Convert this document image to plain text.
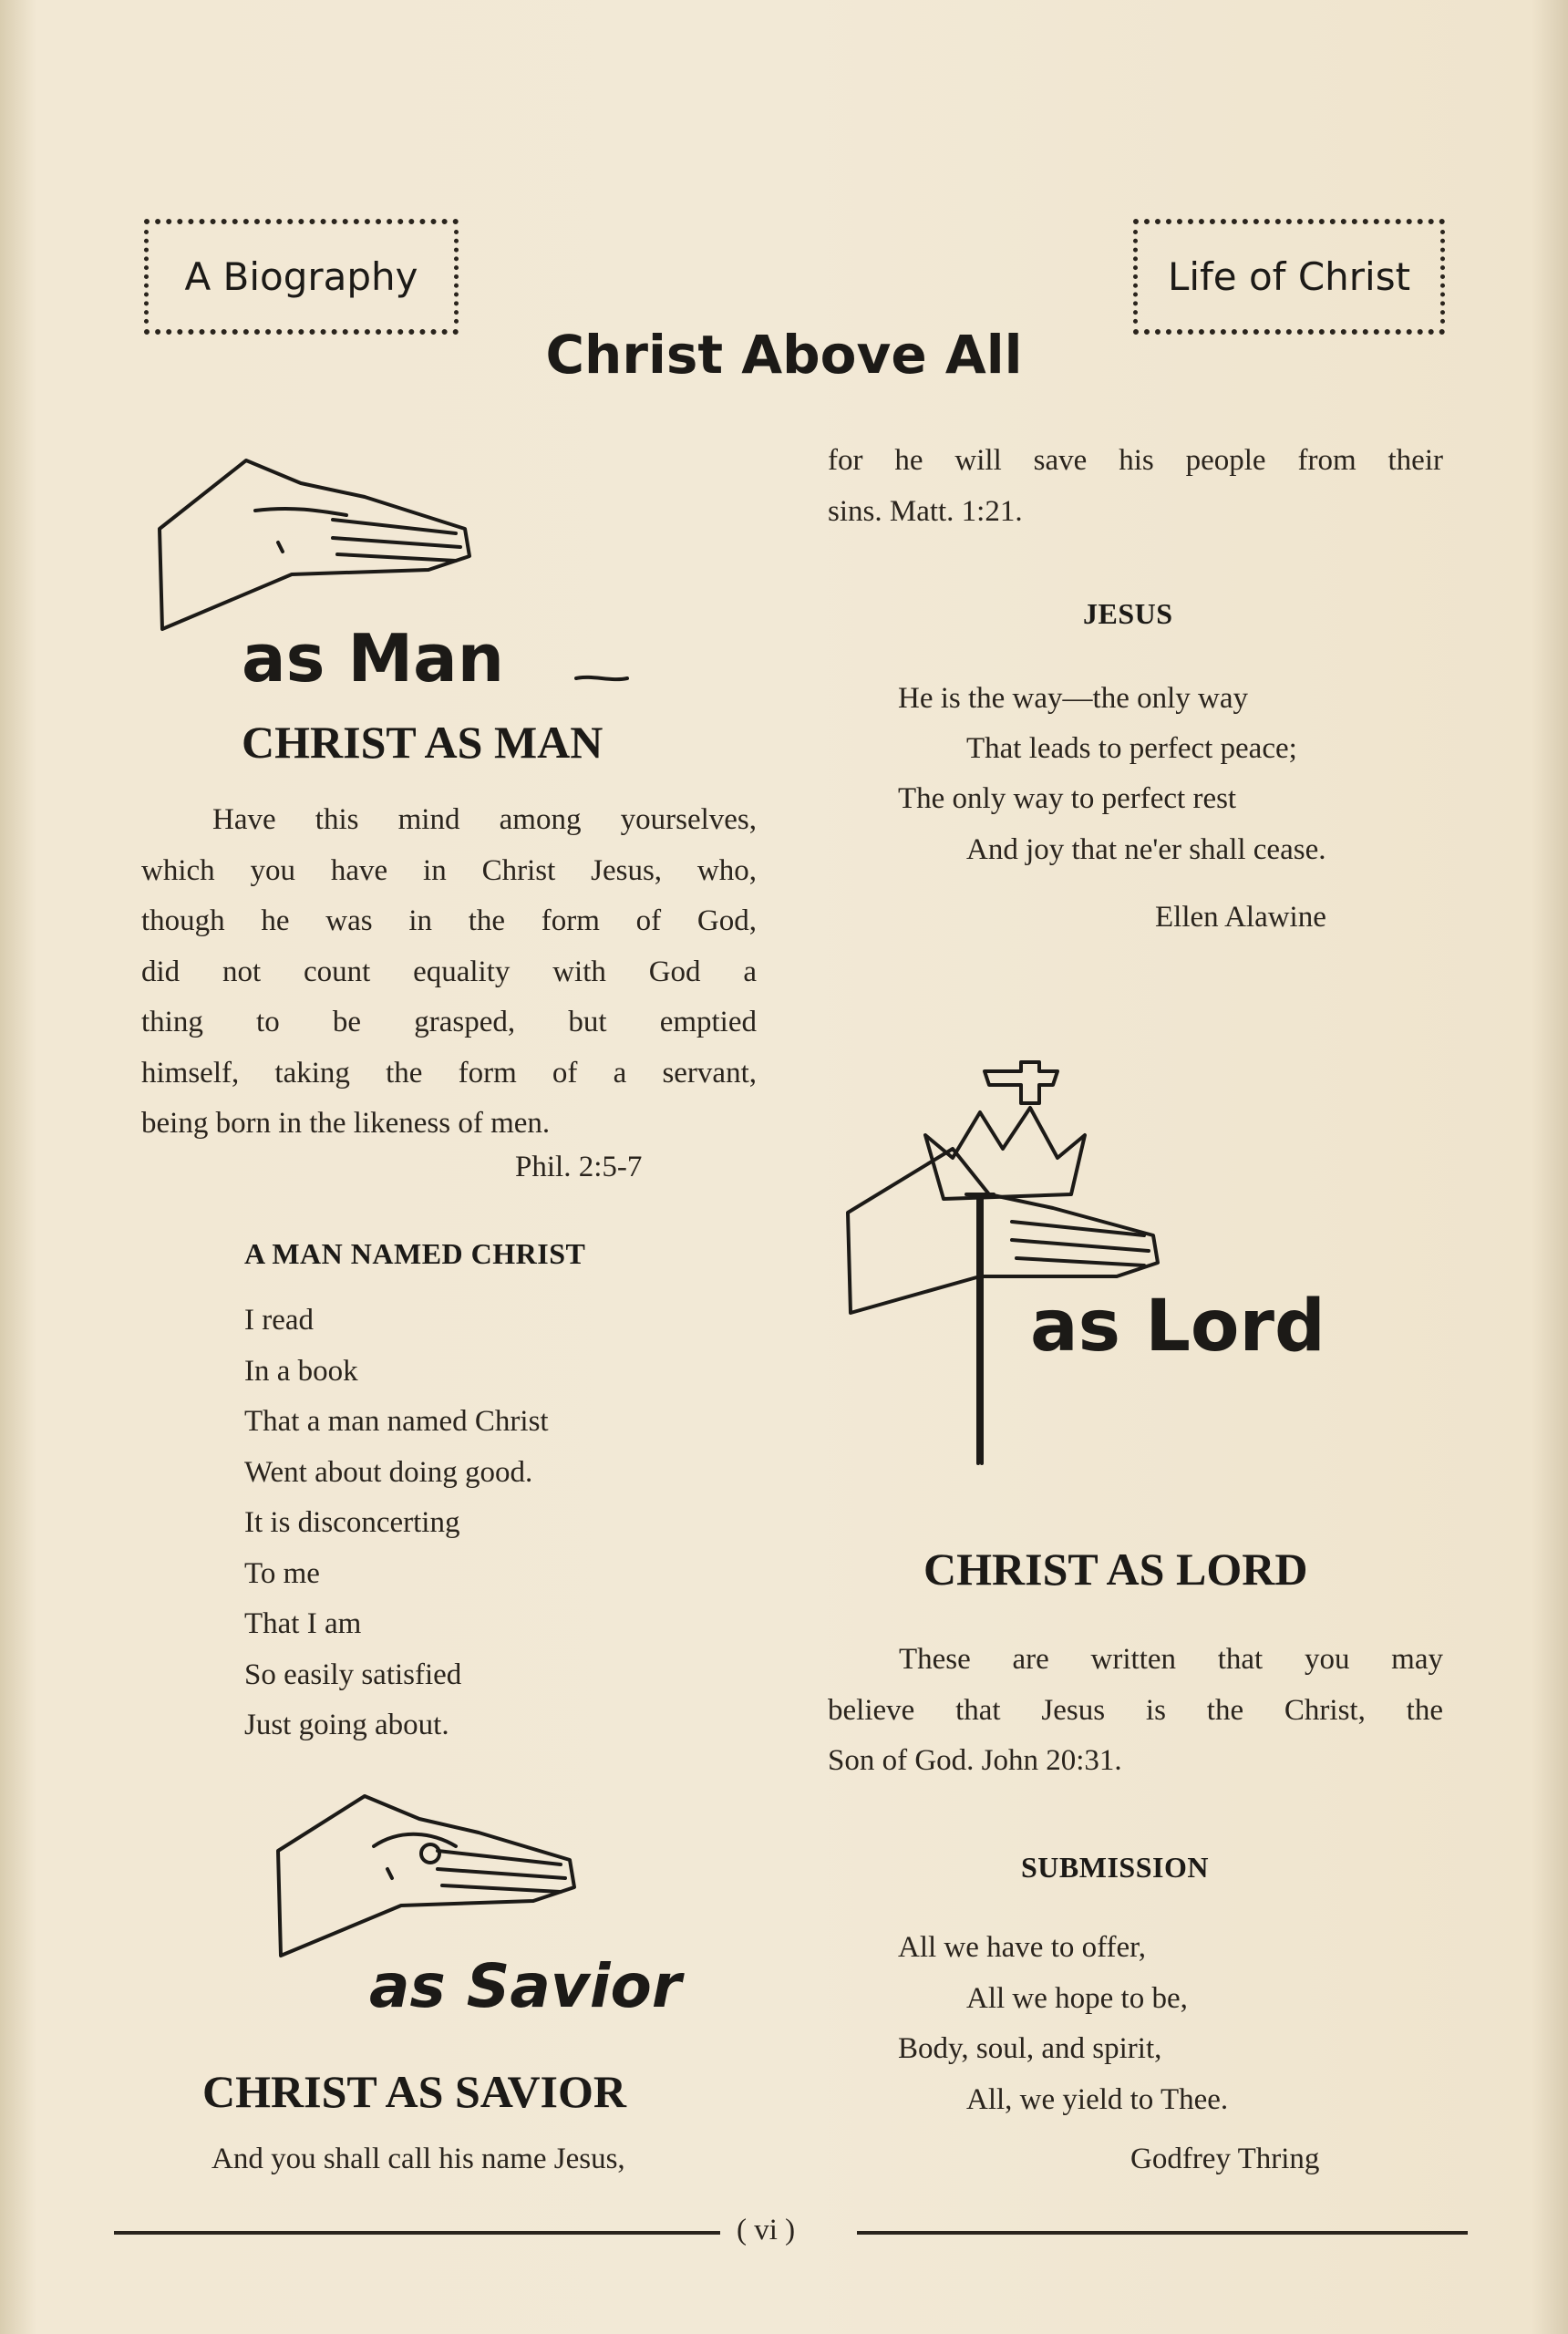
A Biography	Life of Christ
Christ Above All
as Man
CHRIST AS MAN
Have this mind among yourselves,
which you have in Christ Jesus, who,
though he was in the form of God,
did not count equality with God a
thing to be grasped, but emptied
himself, taking the form of a servant,
being born in the likeness of men.
Phil. 2:5-7
A MAN NAMED CHRIST
I read
In a book
That a man named Christ
Went about doing good.
It is disconcerting
To me
That I am
So easily satisfied
Just going about.
as Savior
CHRIST AS SAVIOR
And you shall call his name Jesus,
for he will save his people from their
sins. Matt. 1:21.
JESUS
He is the way—the only way
That leads to perfect peace;
The only way to perfect rest
And joy that ne'er shall cease.
Ellen Alawine
as Lord
CHRIST AS LORD
These are written that you may
believe that Jesus is the Christ, the
Son of God. John 20:31.
SUBMISSION
All we have to offer,
All we hope to be,
Body, soul, and spirit,
All, we yield to Thee.
Godfrey Thring
( vi )
